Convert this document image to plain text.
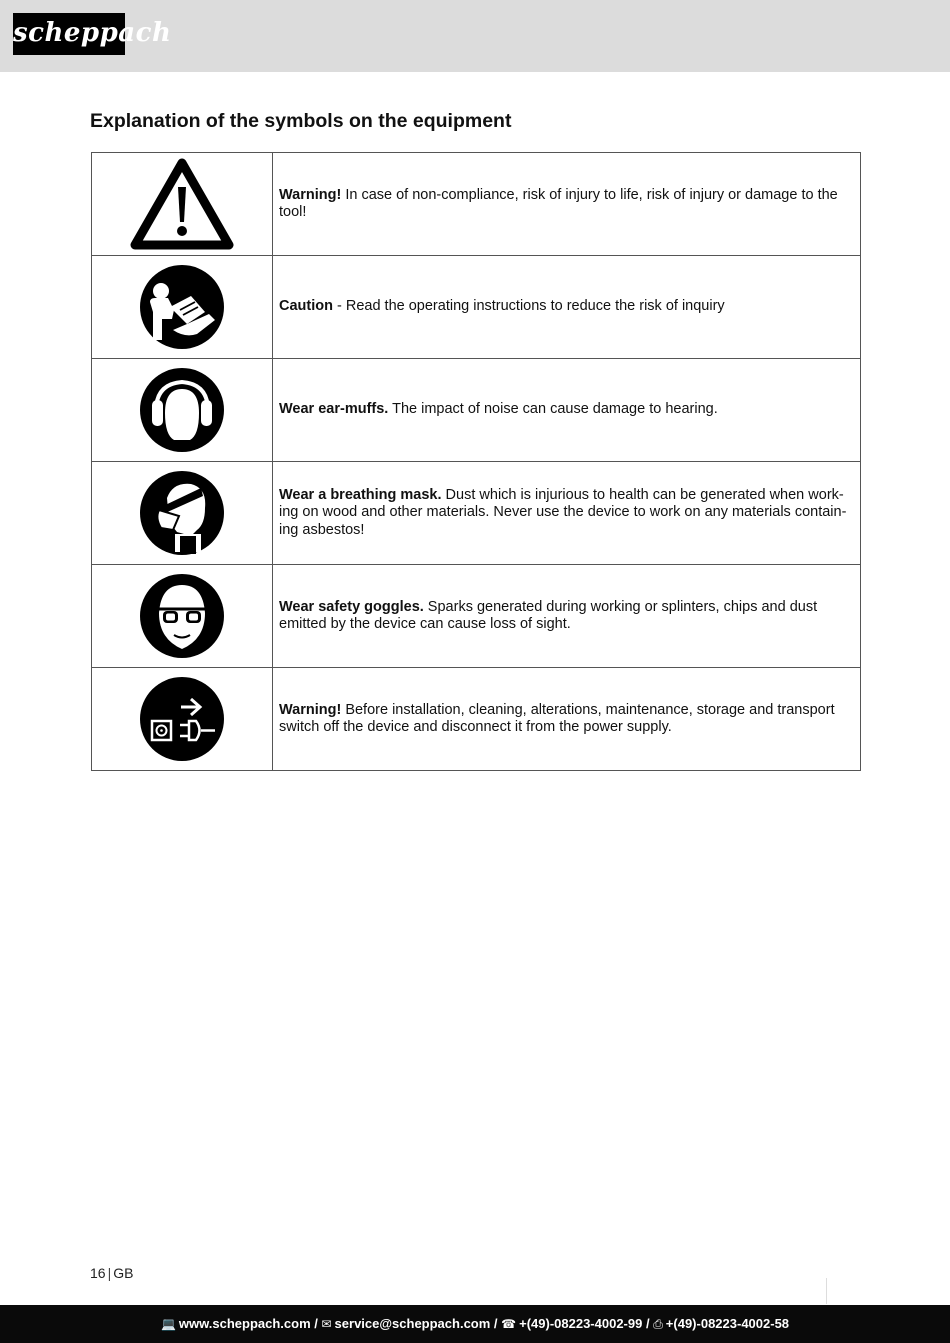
scheppach
Explanation of the symbols on the equipment
	Warning! In case of non-compliance, risk of injury to life, risk of injury or damage to the tool!

	Caution - Read the operating instructions to reduce the risk of inquiry

	Wear ear-muffs. The impact of noise can cause damage to hearing.

	Wear a breathing mask. Dust which is injurious to health can be generated when work-ing on wood and other materials. Never use the device to work on any materials contain-ing asbestos!

	Wear safety goggles. Sparks generated during working or splinters, chips and dust emitted by the device can cause loss of sight.

	Warning! Before installation, cleaning, alterations, maintenance, storage and transport switch off the device and disconnect it from the power supply.
16 | GB
💻 www.scheppach.com / ✉ service@scheppach.com / ☎ +(49)-08223-4002-99 / ⎙ +(49)-08223-4002-58
